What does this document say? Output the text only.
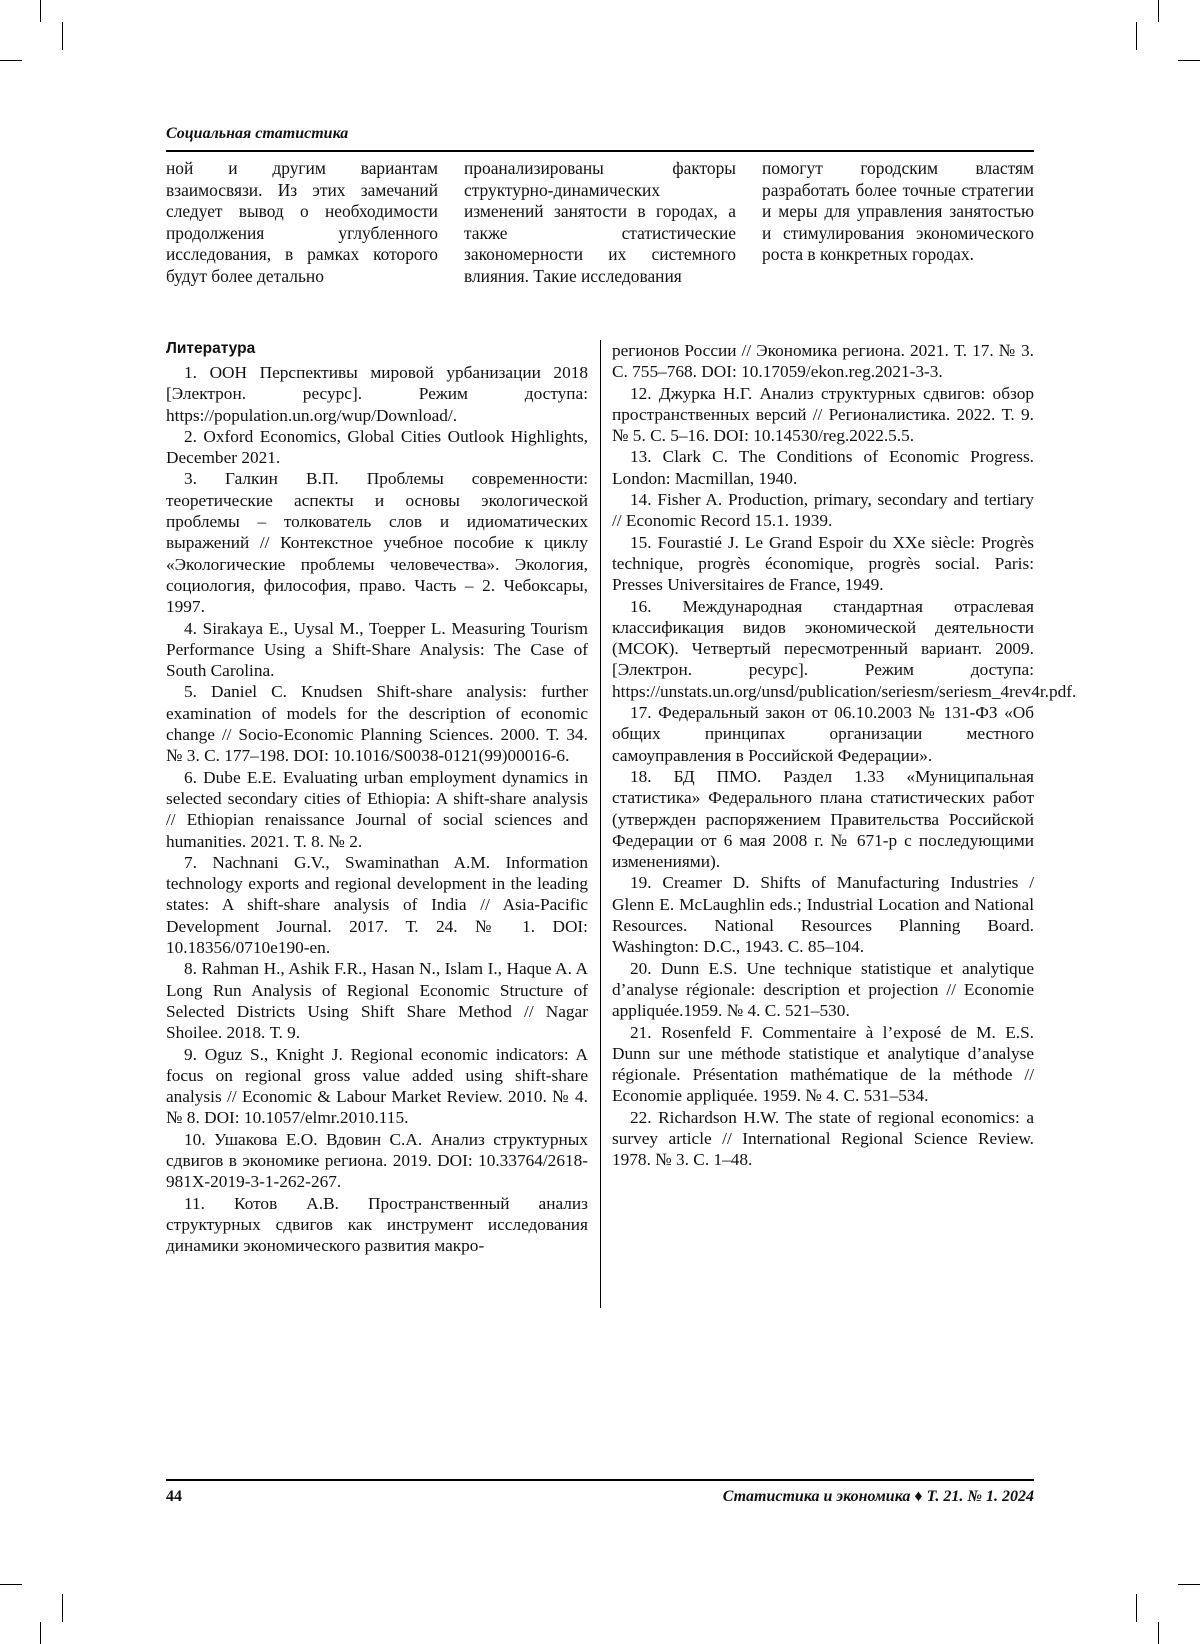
Социальная статистика
ной и другим вариантам взаимосвязи. Из этих замечаний следует вывод о необходимости продолжения углубленного исследования, в рамках которого будут более детально
проанализированы факторы структурно-динамических изменений занятости в городах, а также статистические закономерности их системного влияния. Такие исследования
помогут городским властям разработать более точные стратегии и меры для управления занятостью и стимулирования экономического роста в конкретных городах.
Литература

1. ООН Перспективы мировой урбанизации 2018 [Электрон. ресурс]. Режим доступа: https://population.un.org/wup/Download/.

2. Oxford Economics, Global Cities Outlook Highlights, December 2021.

3. Галкин В.П. Проблемы современности: теоретические аспекты и основы экологической проблемы – толкователь слов и идиоматических выражений // Контекстное учебное пособие к циклу «Экологические проблемы человечества». Экология, социология, философия, право. Часть – 2. Чебоксары, 1997.

4. Sirakaya E., Uysal M., Toepper L. Measuring Tourism Performance Using a Shift-Share Analysis: The Case of South Carolina.

5. Daniel C. Knudsen Shift-share analysis: further examination of models for the description of economic change // Socio-Economic Planning Sciences. 2000. Т. 34. № 3. С. 177–198. DOI: 10.1016/S0038-0121(99)00016-6.

6. Dube E.E. Evaluating urban employment dynamics in selected secondary cities of Ethiopia: A shift-share analysis // Ethiopian renaissance Journal of social sciences and humanities. 2021. Т. 8. № 2.

7. Nachnani G.V., Swaminathan A.M. Information technology exports and regional development in the leading states: A shift-share analysis of India // Asia-Pacific Development Journal. 2017. Т. 24. № 1. DOI: 10.18356/0710e190-en.

8. Rahman H., Ashik F.R., Hasan N., Islam I., Haque A. A Long Run Analysis of Regional Economic Structure of Selected Districts Using Shift Share Method // Nagar Shoilee. 2018. Т. 9.

9. Oguz S., Knight J. Regional economic indicators: A focus on regional gross value added using shift-share analysis // Economic & Labour Market Review. 2010. № 4. № 8. DOI: 10.1057/elmr.2010.115.

10. Ушакова Е.О. Вдовин С.А. Анализ структурных сдвигов в экономике региона. 2019. DOI: 10.33764/2618-981X-2019-3-1-262-267.

11. Котов А.В. Пространственный анализ структурных сдвигов как инструмент исследования динамики экономического развития макро-

регионов России // Экономика региона. 2021. Т. 17. № 3. С. 755–768. DOI: 10.17059/ekon.reg.2021-3-3.

12. Джурка Н.Г. Анализ структурных сдвигов: обзор пространственных версий // Регионалистика. 2022. Т. 9. № 5. С. 5–16. DOI: 10.14530/reg.2022.5.5.

13. Clark C. The Conditions of Economic Progress. London: Macmillan, 1940.

14. Fisher A. Production, primary, secondary and tertiary // Economic Record 15.1. 1939.

15. Fourastié J. Le Grand Espoir du XXe siècle: Progrès technique, progrès économique, progrès social. Paris: Presses Universitaires de France, 1949.

16. Международная стандартная отраслевая классификация видов экономической деятельности (МСОК). Четвертый пересмотренный вариант. 2009. [Электрон. ресурс]. Режим доступа: https://unstats.un.org/unsd/publication/seriesm/seriesm_4rev4r.pdf.

17. Федеральный закон от 06.10.2003 № 131-ФЗ «Об общих принципах организации местного самоуправления в Российской Федерации».

18. БД ПМО. Раздел 1.33 «Муниципальная статистика» Федерального плана статистических работ (утвержден распоряжением Правительства Российской Федерации от 6 мая 2008 г. № 671-р с последующими изменениями).

19. Creamer D. Shifts of Manufacturing Industries / Glenn E. McLaughlin eds.; Industrial Location and National Resources. National Resources Planning Board. Washington: D.C., 1943. С. 85–104.

20. Dunn E.S. Une technique statistique et analytique d’analyse régionale: description et projection // Economie appliquée.1959. № 4. С. 521–530.

21. Rosenfeld F. Commentaire à l’exposé de M. E.S. Dunn sur une méthode statistique et analytique d’analyse régionale. Présentation mathématique de la méthode // Economie appliquée. 1959. № 4. С. 531–534.

22. Richardson H.W. The state of regional economics: a survey article // International Regional Science Review. 1978. № 3. С. 1–48.

44	Статистика и экономика ♦ Т. 21. № 1. 2024
